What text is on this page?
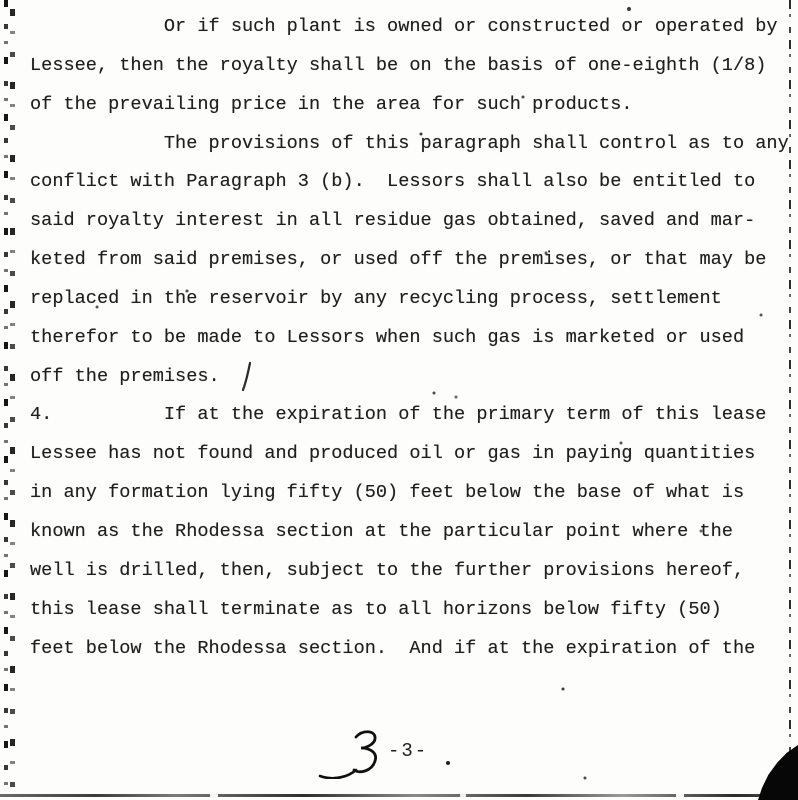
Or if such plant is owned or constructed or operated by
Lessee, then the royalty shall be on the basis of one-eighth (1/8)
of the prevailing price in the area for such products.
The provisions of this paragraph shall control as to any
conflict with Paragraph 3 (b).  Lessors shall also be entitled to
said royalty interest in all residue gas obtained, saved and mar-
keted from said premises, or used off the premises, or that may be
replaced in the reservoir by any recycling process, settlement
therefor to be made to Lessors when such gas is marketed or used
off the premises.
4.          If at the expiration of the primary term of this lease
Lessee has not found and produced oil or gas in paying quantities
in any formation lying fifty (50) feet below the base of what is
known as the Rhodessa section at the particular point where the
well is drilled, then, subject to the further provisions hereof,
this lease shall terminate as to all horizons below fifty (50)
feet below the Rhodessa section.  And if at the expiration of the
-3-
